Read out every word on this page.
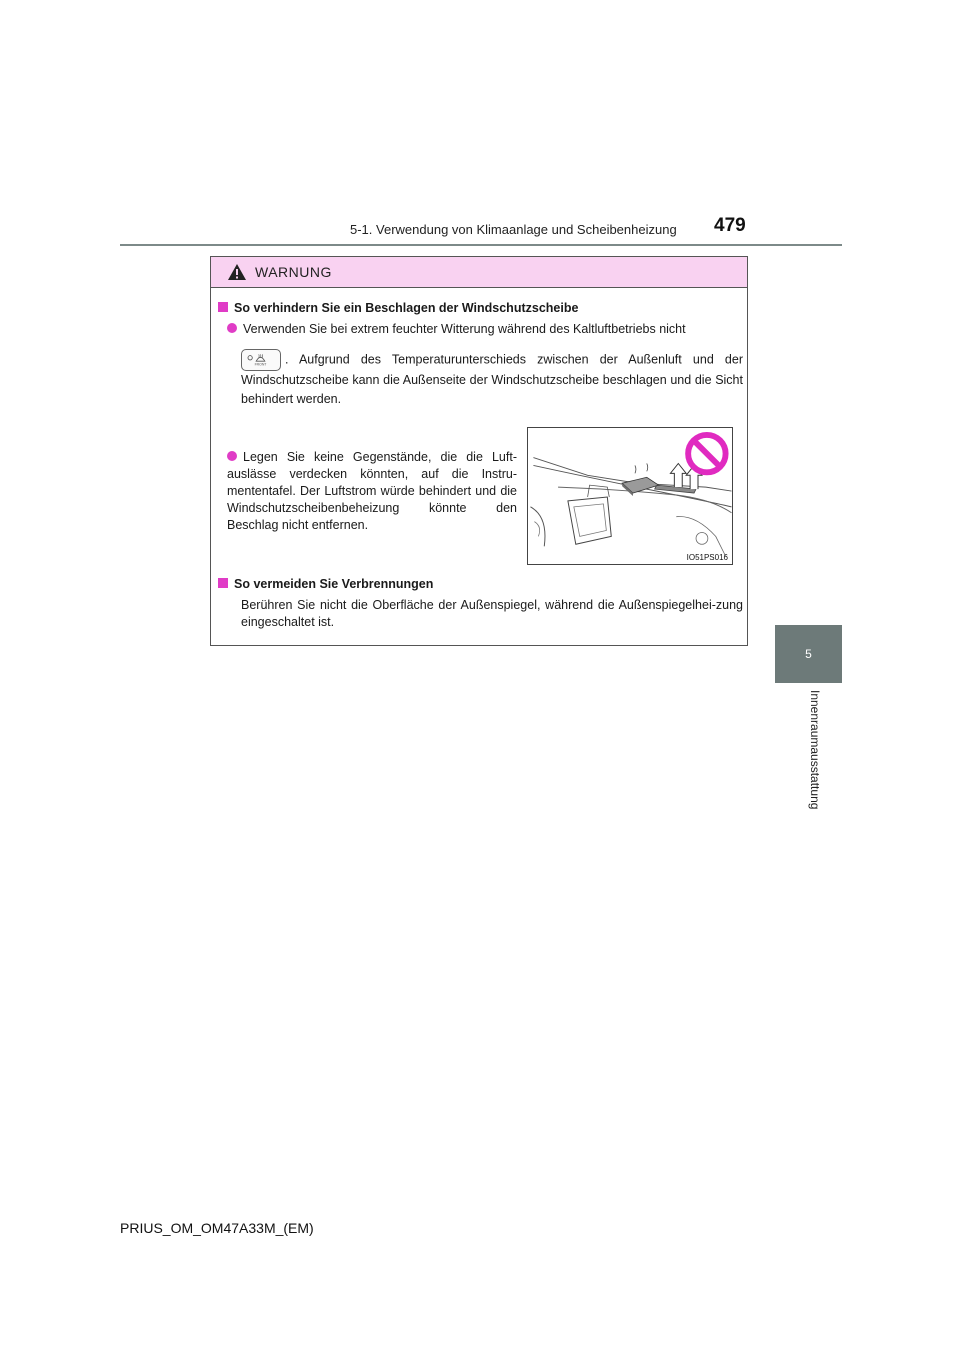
5-1. Verwendung von Klimaanlage und Scheibenheizung	479
5
Innenraumausstattung
WARNUNG
So verhindern Sie ein Beschlagen der Windschutzscheibe
Verwenden Sie bei extrem feuchter Witterung während des Kaltluftbetriebs nicht
FRONT . Aufgrund des Temperaturunterschieds zwischen der Außenluft und der Windschutzscheibe kann die Außenseite der Windschutzscheibe beschlagen und die Sicht behindert werden.
Legen Sie keine Gegenstände, die die Luft-auslässe verdecken könnten, auf die Instru-mententafel. Der Luftstrom würde behindert und die Windschutzscheibenbeheizung könnte den Beschlag nicht entfernen.
IO51PS016
So vermeiden Sie Verbrennungen
Berühren Sie nicht die Oberfläche der Außenspiegel, während die Außenspiegelhei-zung eingeschaltet ist.
PRIUS_OM_OM47A33M_(EM)
